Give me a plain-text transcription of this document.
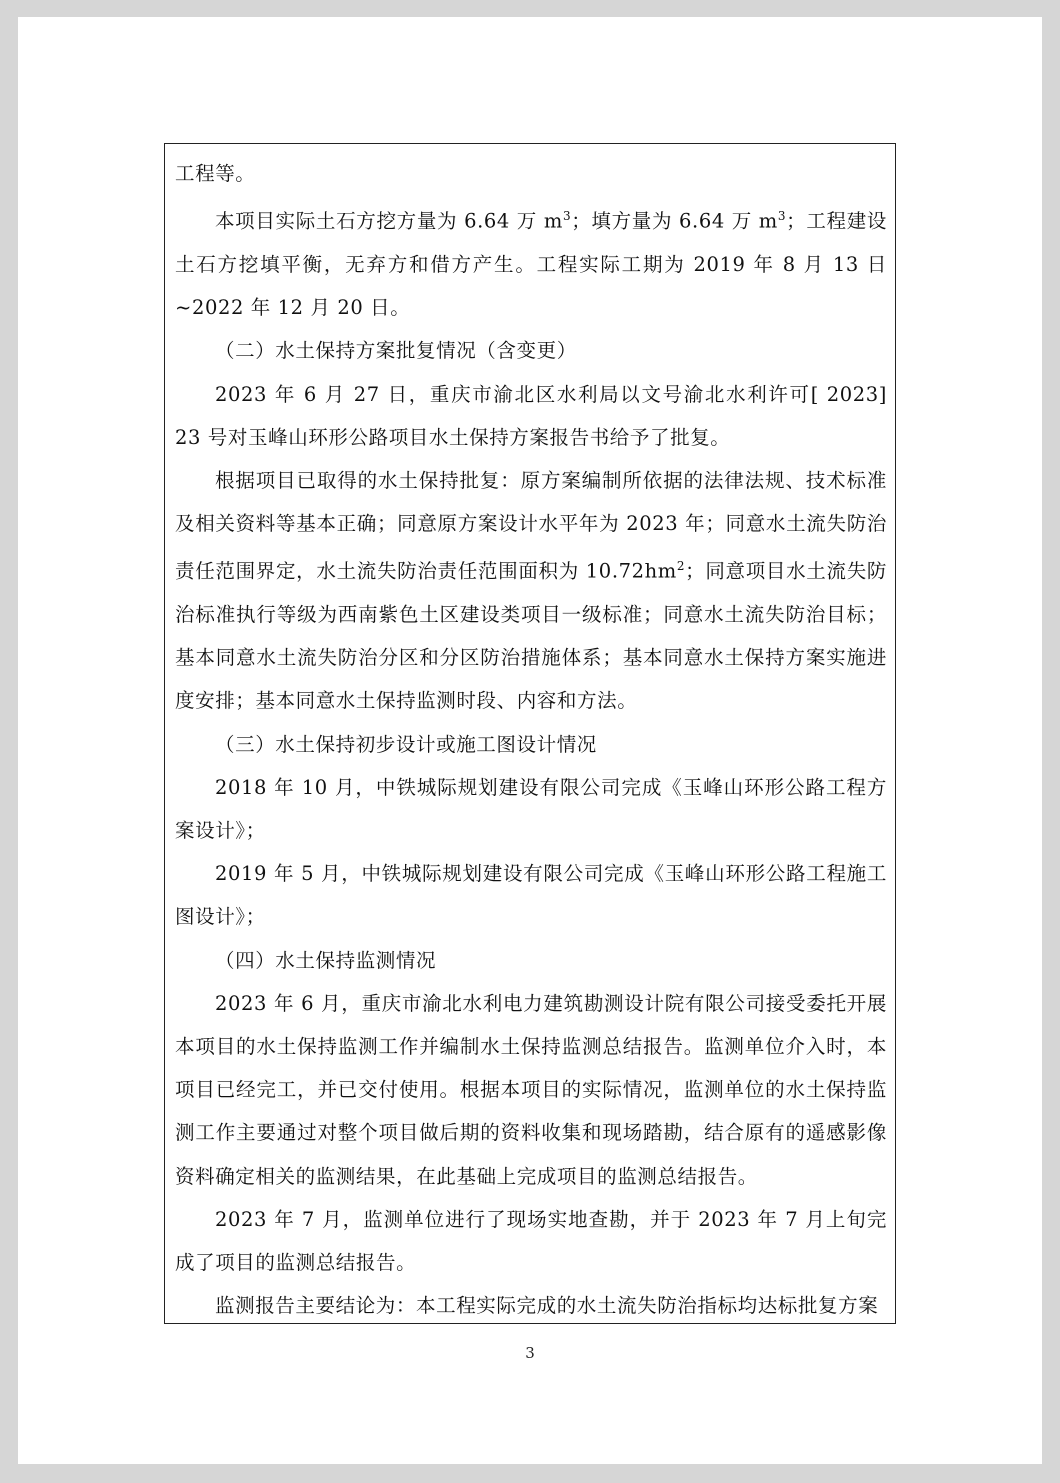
工程等。

本项目实际土石方挖方量为 6.64 万 $m^3$；填方量为 6.64 万 $m^3$；工程建设土石方挖填平衡，无弃方和借方产生。工程实际工期为 2019 年 8 月 13 日~2022 年 12 月 20 日。

（二）水土保持方案批复情况（含变更）

2023 年 6 月 27 日，重庆市渝北区水利局以文号渝北水利许可[ 2023] 23 号对玉峰山环形公路项目水土保持方案报告书给予了批复。

根据项目已取得的水土保持批复：原方案编制所依据的法律法规、技术标准及相关资料等基本正确；同意原方案设计水平年为 2023 年；同意水土流失防治责任范围界定，水土流失防治责任范围面积为 $10.72hm^2$；同意项目水土流失防治标准执行等级为西南紫色土区建设类项目一级标准；同意水土流失防治目标；基本同意水土流失防治分区和分区防治措施体系；基本同意水土保持方案实施进度安排；基本同意水土保持监测时段、内容和方法。

（三）水土保持初步设计或施工图设计情况

2018 年 10 月，中铁城际规划建设有限公司完成《玉峰山环形公路工程方案设计》；

2019 年 5 月，中铁城际规划建设有限公司完成《玉峰山环形公路工程施工图设计》；

（四）水土保持监测情况

2023 年 6 月，重庆市渝北水利电力建筑勘测设计院有限公司接受委托开展本项目的水土保持监测工作并编制水土保持监测总结报告。监测单位介入时，本项目已经完工，并已交付使用。根据本项目的实际情况，监测单位的水土保持监测工作主要通过对整个项目做后期的资料收集和现场踏勘，结合原有的遥感影像资料确定相关的监测结果，在此基础上完成项目的监测总结报告。

2023 年 7 月，监测单位进行了现场实地查勘，并于 2023 年 7 月上旬完成了项目的监测总结报告。

监测报告主要结论为：本工程实际完成的水土流失防治指标均达标批复方案

3
